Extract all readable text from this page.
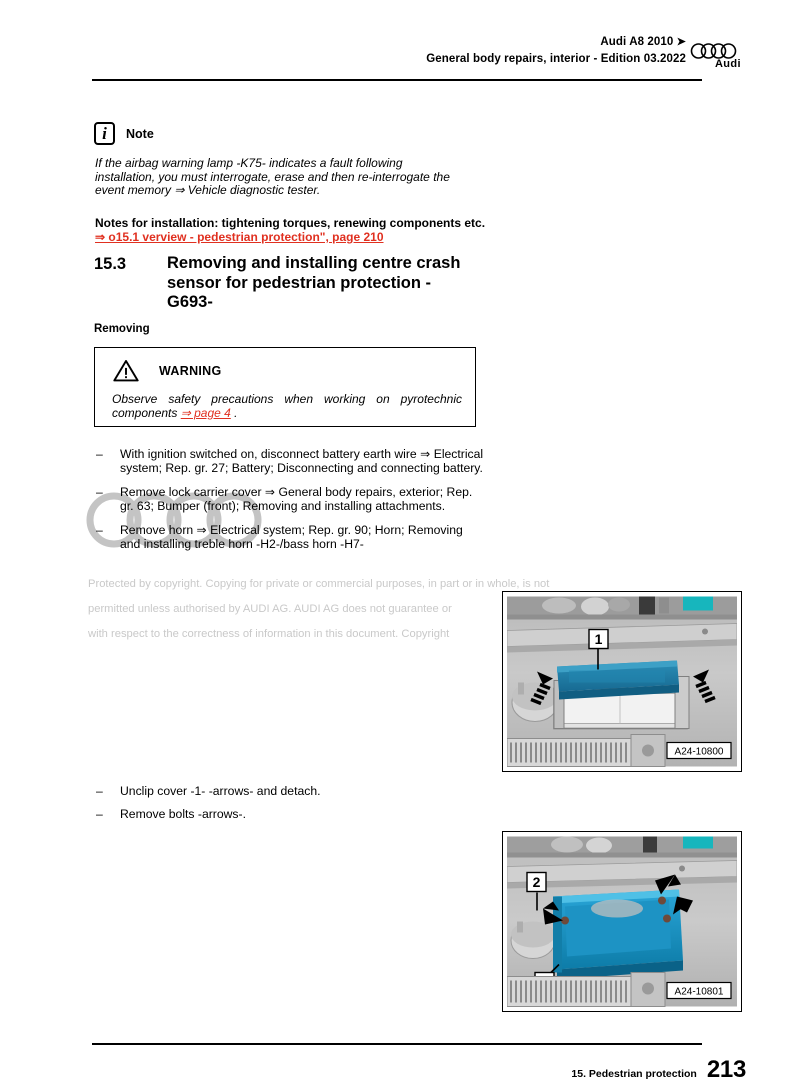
Audi A8 2010 ➤
General body repairs, interior - Edition 03.2022	Audi
i	Note
If the airbag warning lamp -K75- indicates a fault following installation, you must interrogate, erase and then re-interrogate the event memory ⇒ Vehicle diagnostic tester.
Notes for installation: tightening torques, renewing components etc. ⇒ o15.1 verview - pedestrian protection", page 210
15.3 Removing and installing centre crash sensor for pedestrian protection - G693-
Removing
WARNING
Observe safety precautions when working on pyrotechnic components ⇒ page 4 .
– With ignition switched on, disconnect battery earth wire ⇒ Electrical system; Rep. gr. 27; Battery; Disconnecting and connecting battery.
– Remove lock carrier cover ⇒ General body repairs, exterior; Rep. gr. 63; Bumper (front); Removing and installing attachments.
– Remove horn ⇒ Electrical system; Rep. gr. 90; Horn; Removing and installing treble horn -H2-/bass horn -H7-
Protected by copyright. Copying for private or commercial purposes, in part or in whole, is not
permitted unless authorised by AUDI AG. AUDI AG does not guarantee or
with respect to the correctness of information in this document. Copyright	1
A24-10800
– Unclip cover -1- -arrows- and detach.
– Remove bolts -arrows-.
2
A24-10801
15. Pedestrian protection 213
